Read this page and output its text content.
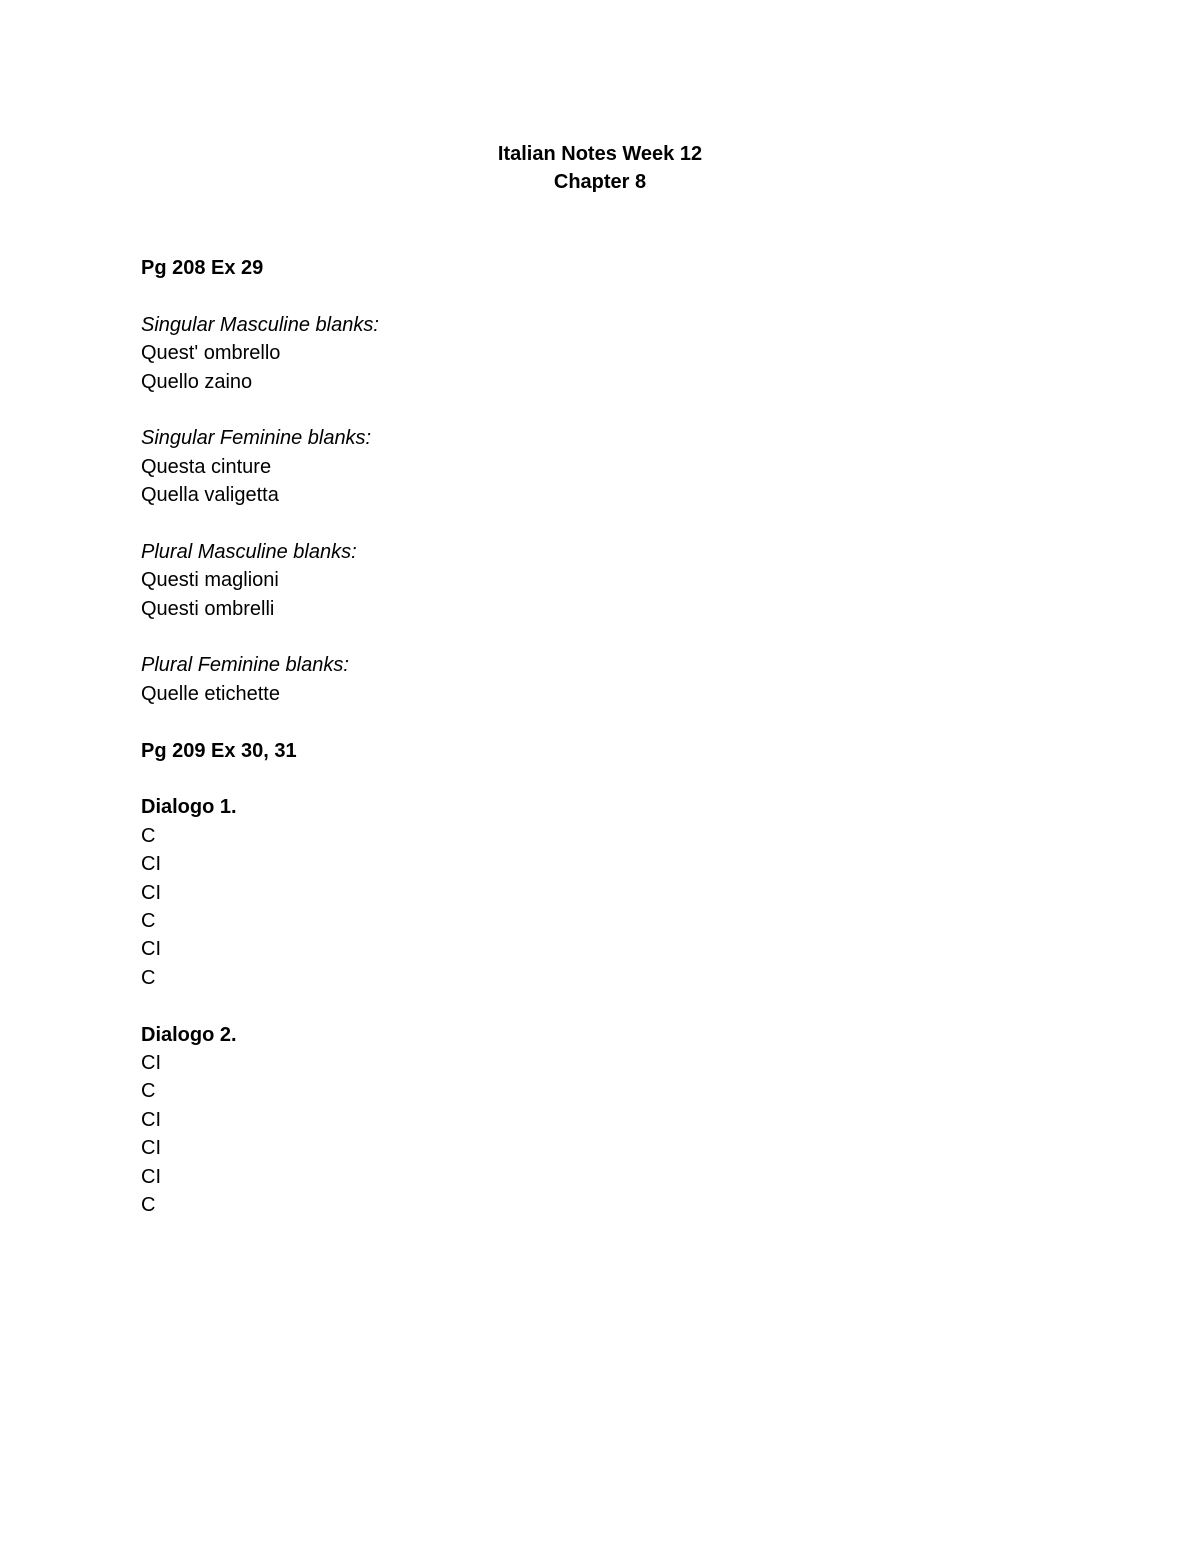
Italian Notes Week 12
Chapter 8
Pg 208 Ex 29
Singular Masculine blanks:
Quest' ombrello
Quello zaino
Singular Feminine blanks:
Questa cinture
Quella valigetta
Plural Masculine blanks:
Questi maglioni
Questi ombrelli
Plural Feminine blanks:
Quelle etichette
Pg 209 Ex 30, 31
Dialogo 1.
C
CI
CI
C
CI
C
Dialogo 2.
CI
C
CI
CI
CI
C
